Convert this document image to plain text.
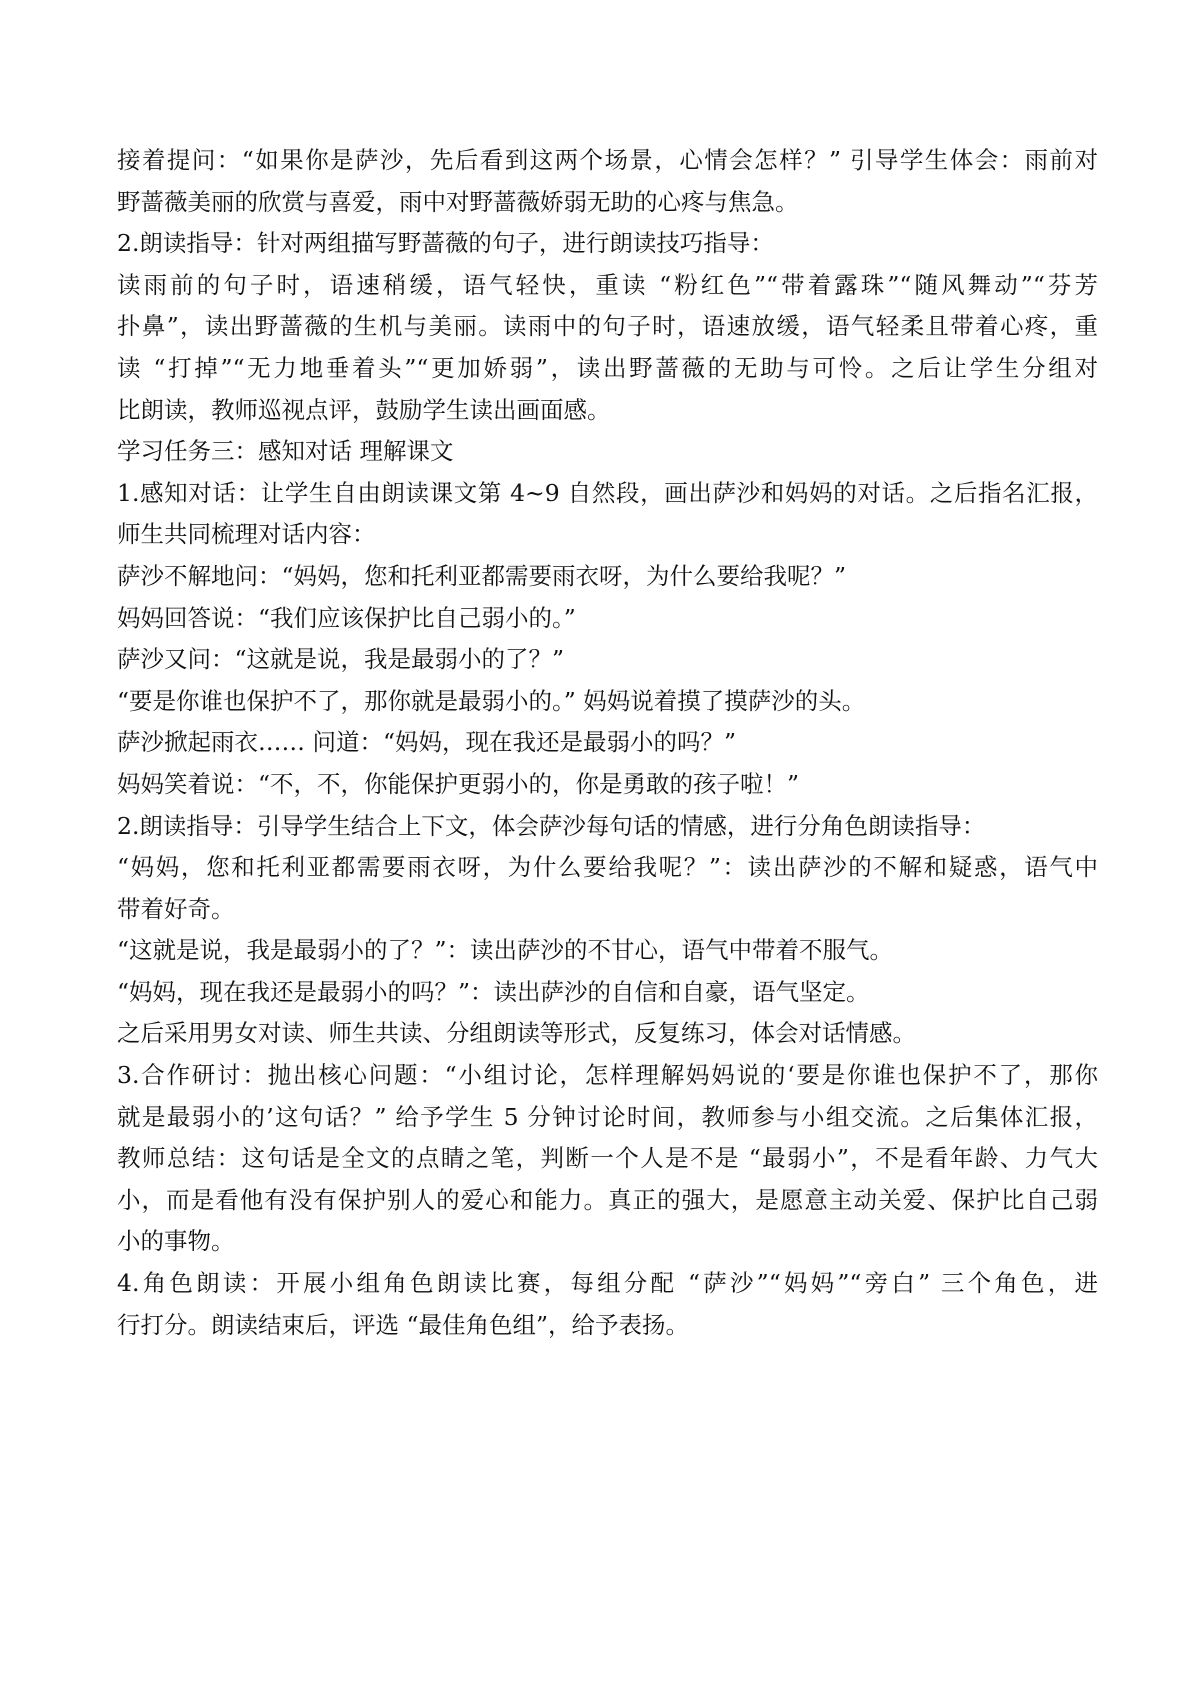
接着提问：“如果你是萨沙，先后看到这两个场景，心情会怎样？” 引导学生体会：雨前对
野蔷薇美丽的欣赏与喜爱，雨中对野蔷薇娇弱无助的心疼与焦急。
2.朗读指导：针对两组描写野蔷薇的句子，进行朗读技巧指导：
读雨前的句子时，语速稍缓，语气轻快，重读 “粉红色”“带着露珠”“随风舞动”“芬芳
扑鼻”，读出野蔷薇的生机与美丽。读雨中的句子时，语速放缓，语气轻柔且带着心疼，重
读 “打掉”“无力地垂着头”“更加娇弱”，读出野蔷薇的无助与可怜。之后让学生分组对
比朗读，教师巡视点评，鼓励学生读出画面感。
学习任务三：感知对话 理解课文
1.感知对话：让学生自由朗读课文第 4~9 自然段，画出萨沙和妈妈的对话。之后指名汇报，
师生共同梳理对话内容：
萨沙不解地问：“妈妈，您和托利亚都需要雨衣呀，为什么要给我呢？”
妈妈回答说：“我们应该保护比自己弱小的。”
萨沙又问：“这就是说，我是最弱小的了？”
“要是你谁也保护不了，那你就是最弱小的。” 妈妈说着摸了摸萨沙的头。
萨沙掀起雨衣…… 问道：“妈妈，现在我还是最弱小的吗？”
妈妈笑着说：“不，不，你能保护更弱小的，你是勇敢的孩子啦！”
2.朗读指导：引导学生结合上下文，体会萨沙每句话的情感，进行分角色朗读指导：
“妈妈，您和托利亚都需要雨衣呀，为什么要给我呢？”：读出萨沙的不解和疑惑，语气中
带着好奇。
“这就是说，我是最弱小的了？”：读出萨沙的不甘心，语气中带着不服气。
“妈妈，现在我还是最弱小的吗？”：读出萨沙的自信和自豪，语气坚定。
之后采用男女对读、师生共读、分组朗读等形式，反复练习，体会对话情感。
3.合作研讨：抛出核心问题：“小组讨论，怎样理解妈妈说的‘要是你谁也保护不了，那你
就是最弱小的’这句话？” 给予学生 5 分钟讨论时间，教师参与小组交流。之后集体汇报，
教师总结：这句话是全文的点睛之笔，判断一个人是不是 “最弱小”，不是看年龄、力气大
小，而是看他有没有保护别人的爱心和能力。真正的强大，是愿意主动关爱、保护比自己弱
小的事物。
4.角色朗读：开展小组角色朗读比赛，每组分配 “萨沙”“妈妈”“旁白” 三个角色，进
行打分。朗读结束后，评选 “最佳角色组”，给予表扬。
